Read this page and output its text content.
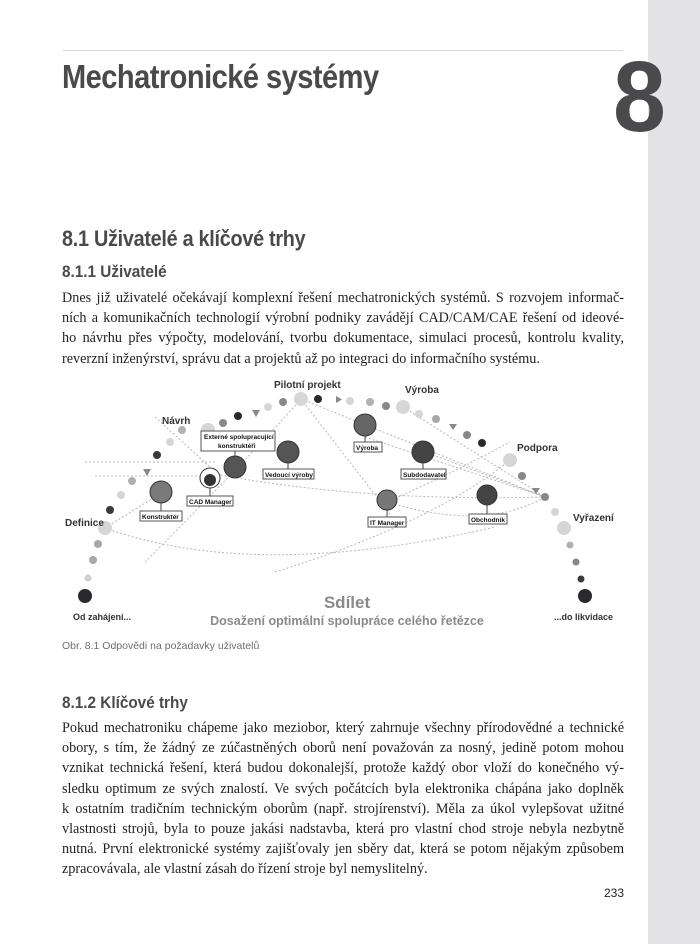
Mechatronické systémy 8
8.1 Uživatelé a klíčové trhy
8.1.1 Uživatelé

Dnes již uživatelé očekávají komplexní řešení mechatronických systémů. S rozvojem informač-
ních a komunikačních technologií výrobní podniky zavádějí CAD/CAM/CAE řešení od ideové-
ho návrhu přes výpočty, modelování, tvorbu dokumentace, simulaci procesů, kontrolu kvality,
reverzní inženýrství, správu dat a projektů až po integraci do informačního systému.

Definice
Návrh
Pilotní projekt	Výroba
Podpora
Vyřazení
Od zahájení...	...do likvidace
Konstruktér
CAD Manager
Externé spolupracující
konstruktéři
Vedoucí výroby
Výroba
Subdodavatel
IT Manager	Obchodník
Sdílet
Dosažení optimální spolupráce celého řetězce

Obr. 8.1 Odpovědi na požadavky uživatelů

8.1.2 Klíčové trhy

Pokud mechatroniku chápeme jako meziobor, který zahrnuje všechny přírodovědné a technické
obory, s tím, že žádný ze zúčastněných oborů není považován za nosný, jedině potom mohou
vznikat technická řešení, která budou dokonalejší, protože každý obor vloží do konečného vý-
sledku optimum ze svých znalostí. Ve svých počátcích byla elektronika chápána jako doplněk
k ostatním tradičním technickým oborům (např. strojírenství). Měla za úkol vylepšovat užitné
vlastnosti strojů, byla to pouze jakási nadstavba, která pro vlastní chod stroje nebyla nezbytně
nutná. První elektronické systémy zajišťovaly jen sběry dat, která se potom nějakým způsobem
zpracovávala, ale vlastní zásah do řízení stroje byl nemyslitelný.

233
